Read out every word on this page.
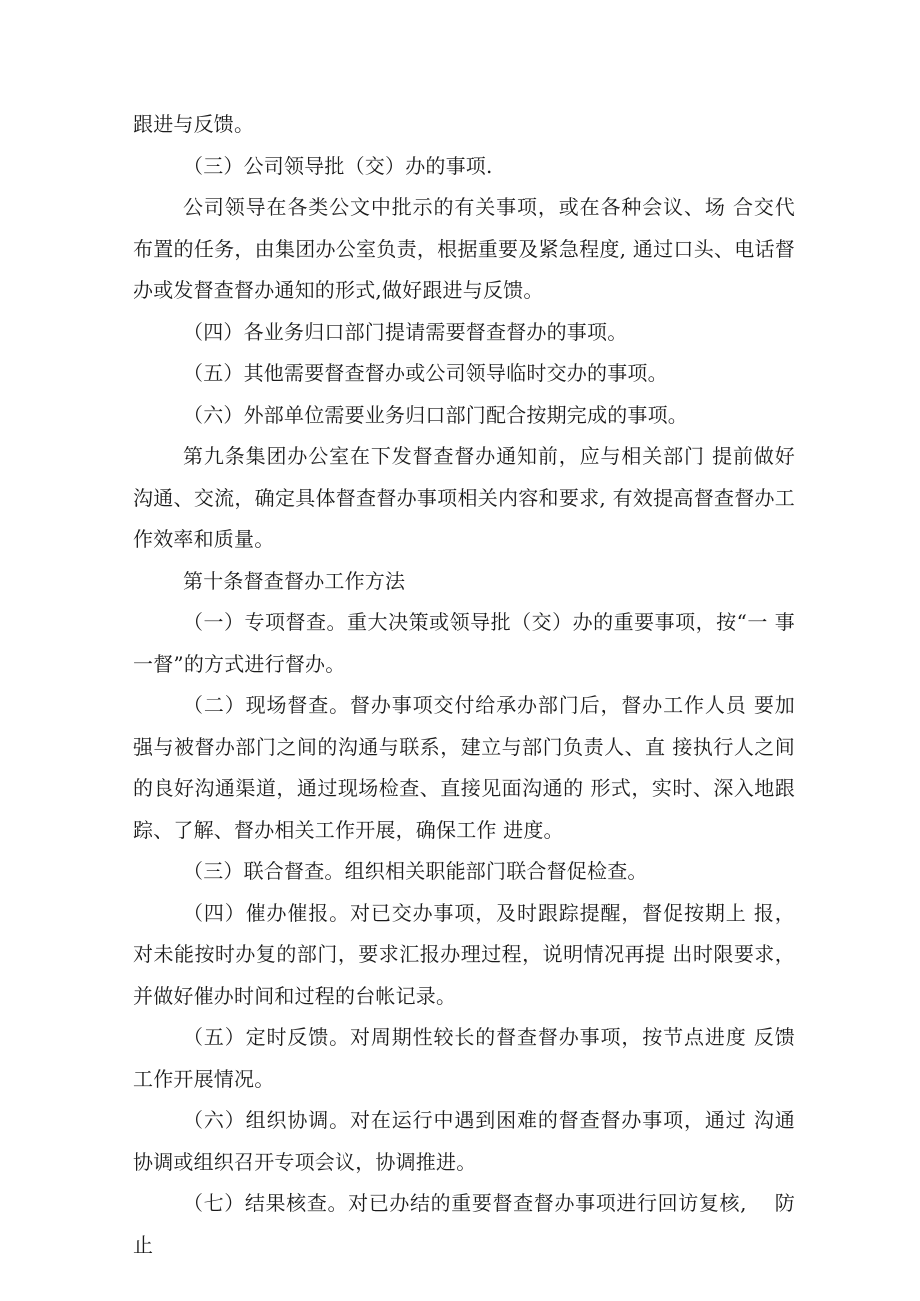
跟进与反馈。

（三）公司领导批（交）办的事项.

公司领导在各类公文中批示的有关事项，或在各种会议、场 合交代布置的任务，由集团办公室负责，根据重要及紧急程度, 通过口头、电话督办或发督查督办通知的形式,做好跟进与反馈。

（四）各业务归口部门提请需要督查督办的事项。

（五）其他需要督查督办或公司领导临时交办的事项。

（六）外部单位需要业务归口部门配合按期完成的事项。

第九条集团办公室在下发督查督办通知前，应与相关部门 提前做好沟通、交流，确定具体督查督办事项相关内容和要求, 有效提高督查督办工作效率和质量。

第十条督查督办工作方法

（一）专项督查。重大决策或领导批（交）办的重要事项，按“一 事一督”的方式进行督办。

（二）现场督查。督办事项交付给承办部门后，督办工作人员 要加强与被督办部门之间的沟通与联系，建立与部门负责人、直 接执行人之间的良好沟通渠道，通过现场检查、直接见面沟通的 形式，实时、深入地跟踪、了解、督办相关工作开展，确保工作 进度。

（三）联合督查。组织相关职能部门联合督促检查。

（四）催办催报。对已交办事项，及时跟踪提醒，督促按期上 报，对未能按时办复的部门，要求汇报办理过程，说明情况再提 出时限要求，并做好催办时间和过程的台帐记录。

（五）定时反馈。对周期性较长的督查督办事项，按节点进度 反馈工作开展情况。

（六）组织协调。对在运行中遇到困难的督查督办事项，通过 沟通协调或组织召开专项会议，协调推进。

（七）结果核查。对已办结的重要督查督办事项进行回访复核,　 防止
